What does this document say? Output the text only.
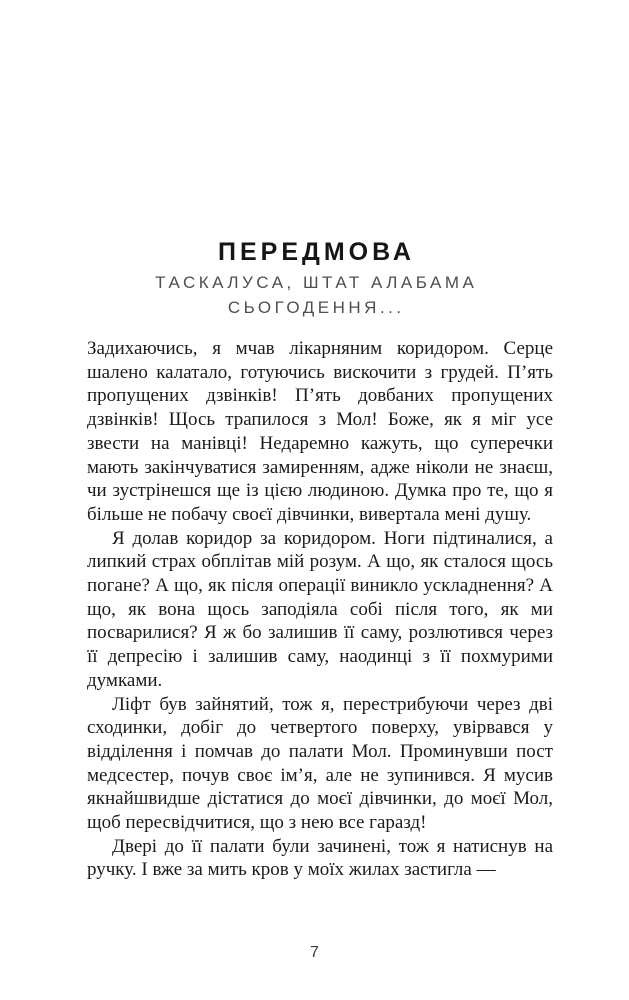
ПЕРЕДМОВА
ТАСКАЛУСА, ШТАТ АЛАБАМА
СЬОГОДЕННЯ...

Задихаючись, я мчав лікарняним коридором. Серце шалено калатало, готуючись вискочити з грудей. П’ять пропущених дзвінків! П’ять довбаних пропущених дзвінків! Щось трапилося з Мол! Боже, як я міг усе звести на манівці! Недаремно кажуть, що суперечки мають закінчуватися замиренням, адже ніколи не знаєш, чи зустрінешся ще із цією людиною. Думка про те, що я більше не побачу своєї дівчинки, вивертала мені душу.

Я долав коридор за коридором. Ноги підтиналися, а липкий страх обплітав мій розум. А що, як сталося щось погане? А що, як після операції виникло ускладнення? А що, як вона щось заподіяла собі після того, як ми посварилися? Я ж бо залишив її саму, розлютився через її депресію і залишив саму, наодинці з її похмурими думками.

Ліфт був зайнятий, тож я, перестрибуючи через дві сходинки, добіг до четвертого поверху, увірвався у відділення і помчав до палати Мол. Проминувши пост медсестер, почув своє ім’я, але не зупинився. Я мусив якнайшвидше дістатися до моєї дівчинки, до моєї Мол, щоб пересвідчитися, що з нею все гаразд!

Двері до її палати були зачинені, тож я натиснув на ручку. І вже за мить кров у моїх жилах застигла —

7
